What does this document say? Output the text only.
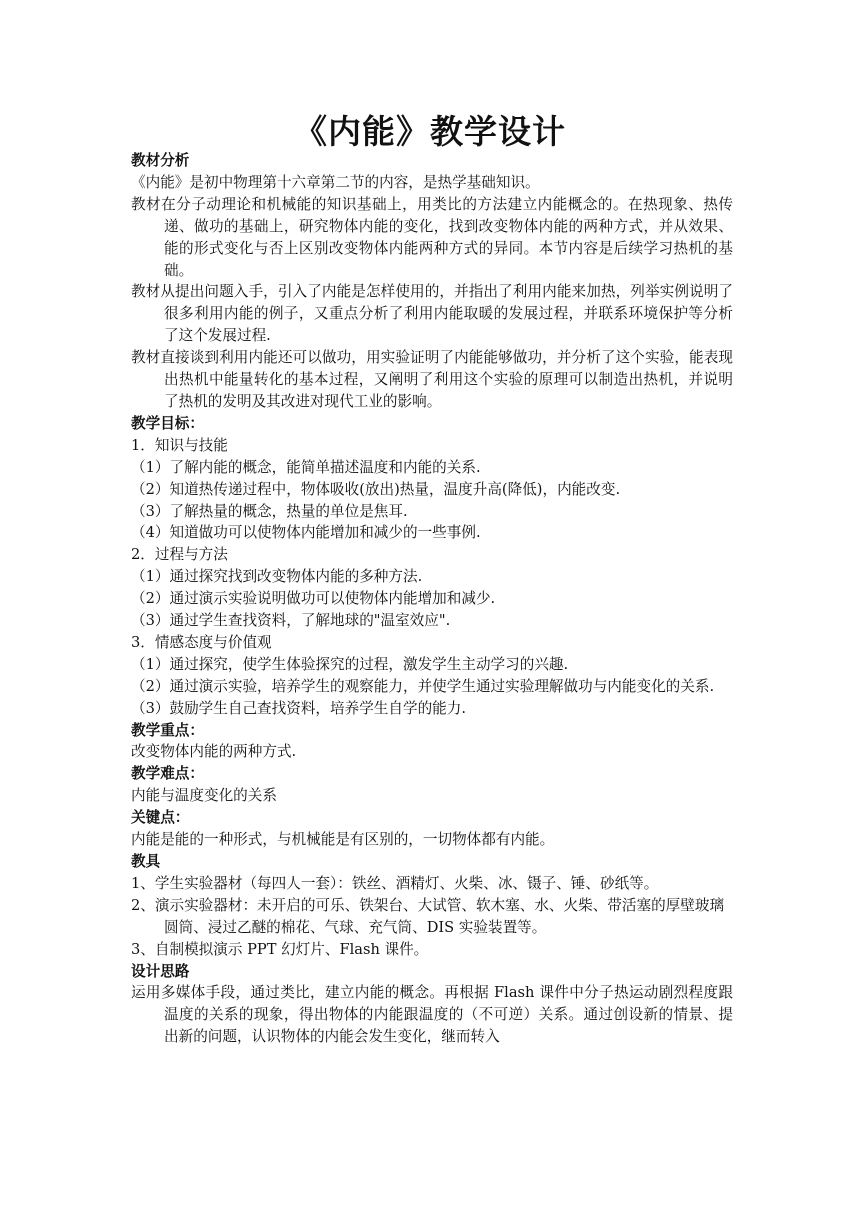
《内能》教学设计

教材分析

《内能》是初中物理第十六章第二节的内容，是热学基础知识。

教材在分子动理论和机械能的知识基础上，用类比的方法建立内能概念的。在热现象、热传递、做功的基础上，研究物体内能的变化，找到改变物体内能的两种方式，并从效果、能的形式变化与否上区别改变物体内能两种方式的异同。本节内容是后续学习热机的基础。

教材从提出问题入手，引入了内能是怎样使用的，并指出了利用内能来加热，列举实例说明了很多利用内能的例子，又重点分析了利用内能取暖的发展过程，并联系环境保护等分析了这个发展过程.

教材直接谈到利用内能还可以做功，用实验证明了内能能够做功，并分析了这个实验，能表现出热机中能量转化的基本过程，又阐明了利用这个实验的原理可以制造出热机，并说明了热机的发明及其改进对现代工业的影响。

教学目标：

1．知识与技能

（1）了解内能的概念，能简单描述温度和内能的关系.

（2）知道热传递过程中，物体吸收(放出)热量，温度升高(降低)，内能改变.

（3）了解热量的概念，热量的单位是焦耳.

（4）知道做功可以使物体内能增加和减少的一些事例.

2．过程与方法

（1）通过探究找到改变物体内能的多种方法.

（2）通过演示实验说明做功可以使物体内能增加和减少.

（3）通过学生查找资料，了解地球的"温室效应".

3．情感态度与价值观

（1）通过探究，使学生体验探究的过程，激发学生主动学习的兴趣.

（2）通过演示实验，培养学生的观察能力，并使学生通过实验理解做功与内能变化的关系.

（3）鼓励学生自己查找资料，培养学生自学的能力.

教学重点：

改变物体内能的两种方式.

教学难点：

内能与温度变化的关系

关键点：

内能是能的一种形式，与机械能是有区别的，一切物体都有内能。

教具

1、学生实验器材（每四人一套）：铁丝、酒精灯、火柴、冰、镊子、锤、砂纸等。

2、演示实验器材：未开启的可乐、铁架台、大试管、软木塞、水、火柴、带活塞的厚壁玻璃圆筒、浸过乙醚的棉花、气球、充气筒、DIS 实验装置等。

3、自制模拟演示 PPT 幻灯片、Flash 课件。

设计思路

运用多媒体手段，通过类比，建立内能的概念。再根据 Flash 课件中分子热运动剧烈程度跟温度的关系的现象，得出物体的内能跟温度的（不可逆）关系。通过创设新的情景、提出新的问题，认识物体的内能会发生变化，继而转入
